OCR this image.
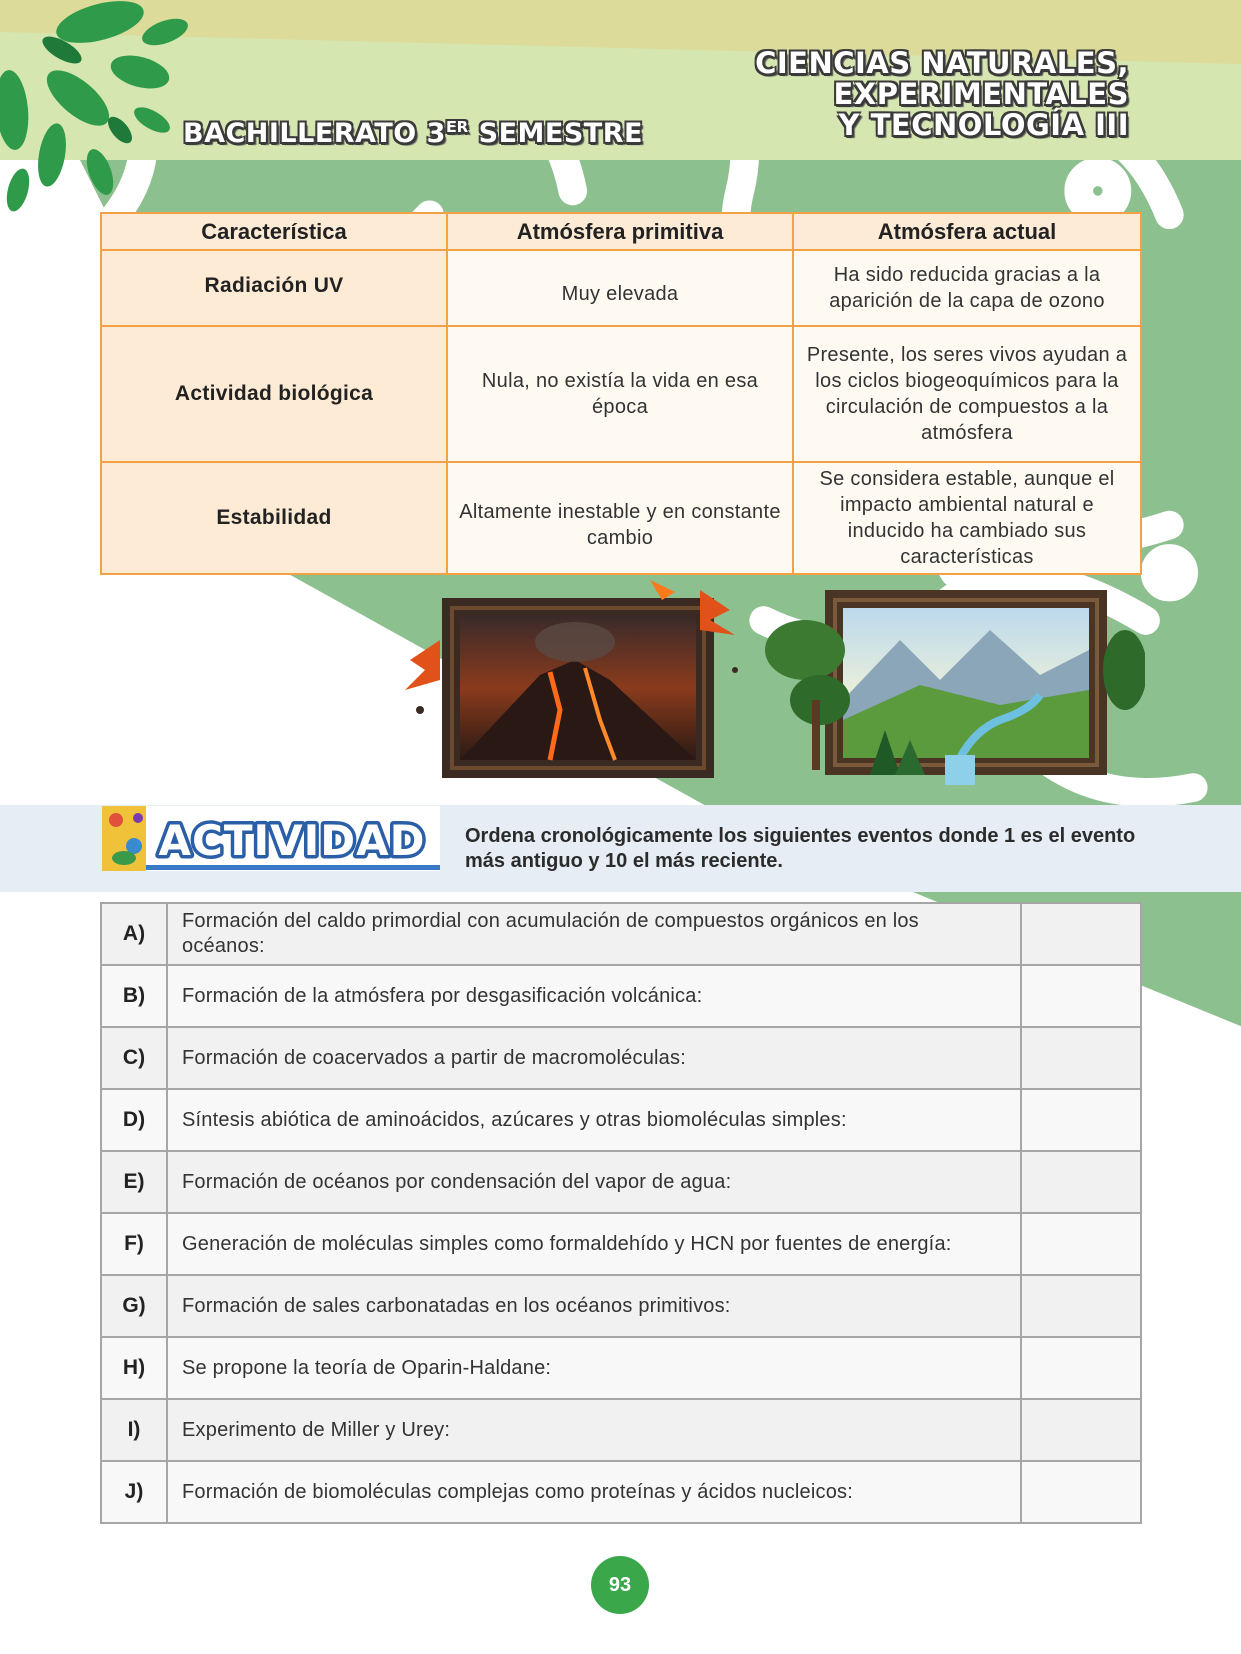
CIENCIAS NATURALES,
EXPERIMENTALES
Y TECNOLOGÍA III
BACHILLERATO 3ER SEMESTRE
Característica	Atmósfera primitiva	Atmósfera actual
Radiación UV	Muy elevada	Ha sido reducida gracias a la aparición de la capa de ozono
Actividad biológica	Nula, no existía la vida en esa época	Presente, los seres vivos ayudan a los ciclos biogeoquímicos para la circulación de compuestos a la atmósfera
Estabilidad	Altamente inestable y en constante cambio	Se considera estable, aunque el impacto ambiental natural e inducido ha cambiado sus características
ACTIVIDAD Ordena cronológicamente los siguientes eventos donde 1 es el evento más antiguo y 10 el más reciente.
A)	Formación del caldo primordial con acumulación de compuestos orgánicos en los océanos:	
B)	Formación de la atmósfera por desgasificación volcánica:	
C)	Formación de coacervados a partir de macromoléculas:	
D)	Síntesis abiótica de aminoácidos, azúcares y otras biomoléculas simples:	
E)	Formación de océanos por condensación del vapor de agua:	
F)	Generación de moléculas simples como formaldehído y HCN por fuentes de energía:	
G)	Formación de sales carbonatadas en los océanos primitivos:	
H)	Se propone la teoría de Oparin-Haldane:	
I)	Experimento de Miller y Urey:	
J)	Formación de biomoléculas complejas como proteínas y ácidos nucleicos:	
93
